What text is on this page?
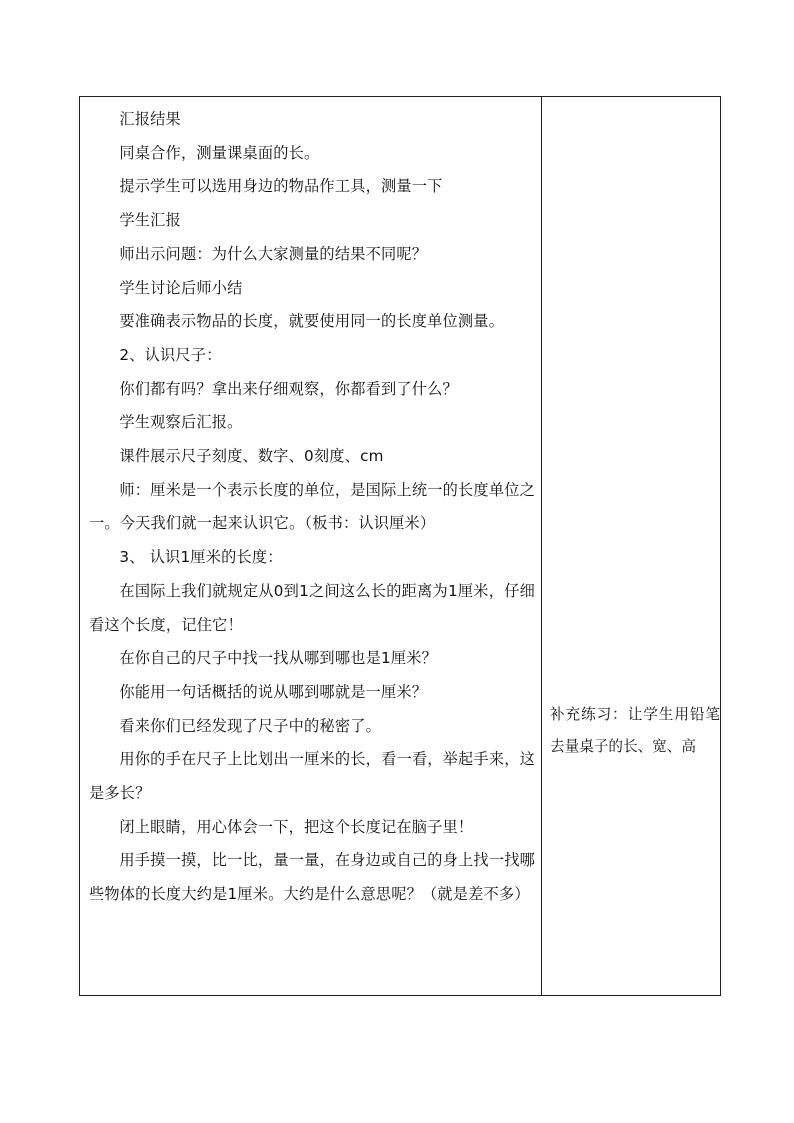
汇报结果

同桌合作，测量课桌面的长。

提示学生可以选用身边的物品作工具，测量一下

学生汇报

师出示问题：为什么大家测量的结果不同呢？

学生讨论后师小结

要准确表示物品的长度，就要使用同一的长度单位测量。

2、认识尺子：

你们都有吗？拿出来仔细观察，你都看到了什么？

学生观察后汇报。

课件展示尺子刻度、数字、0刻度、cm

师：厘米是一个表示长度的单位，是国际上统一的长度单位之一。今天我们就一起来认识它。（板书：认识厘米）

3、 认识1厘米的长度：

在国际上我们就规定从0到1之间这么长的距离为1厘米，仔细看这个长度，记住它！

在你自己的尺子中找一找从哪到哪也是1厘米？

你能用一句话概括的说从哪到哪就是一厘米？

看来你们已经发现了尺子中的秘密了。

用你的手在尺子上比划出一厘米的长，看一看，举起手来，这是多长？

闭上眼睛，用心体会一下，把这个长度记在脑子里！

用手摸一摸，比一比，量一量，在身边或自己的身上找一找哪些物体的长度大约是1厘米。大约是什么意思呢？（就是差不多）

补充练习：让学生用铅笔去量桌子的长、宽、高
